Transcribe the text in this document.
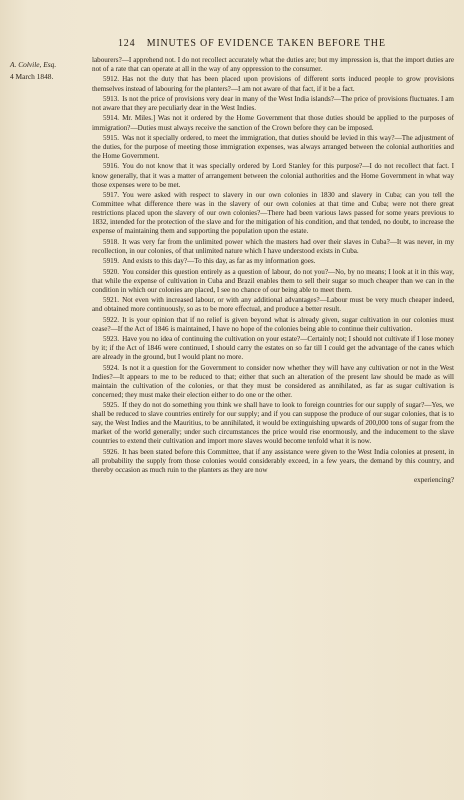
124 MINUTES OF EVIDENCE TAKEN BEFORE THE
A. Colvile, Esq.
4 March 1848.

labourers?—I apprehend not. I do not recollect accurately what the duties are; but my impression is, that the import duties are not of a rate that can operate at all in the way of any oppression to the consumer.

5912. Has not the duty that has been placed upon provisions of different sorts induced people to grow provisions themselves instead of labouring for the planters?—I am not aware of that fact, if it be a fact.

5913. Is not the price of provisions very dear in many of the West India islands?—The price of provisions fluctuates. I am not aware that they are peculiarly dear in the West Indies.

5914. Mr. Miles.] Was not it ordered by the Home Government that those duties should be applied to the purposes of immigration?—Duties must always receive the sanction of the Crown before they can be imposed.

5915. Was not it specially ordered, to meet the immigration, that duties should be levied in this way?—The adjustment of the duties, for the purpose of meeting those immigration expenses, was always arranged between the colonial authorities and the Home Government.

5916. You do not know that it was specially ordered by Lord Stanley for this purpose?—I do not recollect that fact. I know generally, that it was a matter of arrangement between the colonial authorities and the Home Government in what way those expenses were to be met.

5917. You were asked with respect to slavery in our own colonies in 1830 and slavery in Cuba; can you tell the Committee what difference there was in the slavery of our own colonies at that time and Cuba; were not there great restrictions placed upon the slavery of our own colonies?—There had been various laws passed for some years previous to 1832, intended for the protection of the slave and for the mitigation of his condition, and that tended, no doubt, to increase the expense of maintaining them and supporting the population upon the estate.

5918. It was very far from the unlimited power which the masters had over their slaves in Cuba?—It was never, in my recollection, in our colonies, of that unlimited nature which I have understood exists in Cuba.

5919. And exists to this day?—To this day, as far as my information goes.

5920. You consider this question entirely as a question of labour, do not you?—No, by no means; I look at it in this way, that while the expense of cultivation in Cuba and Brazil enables them to sell their sugar so much cheaper than we can in the condition in which our colonies are placed, I see no chance of our being able to meet them.

5921. Not even with increased labour, or with any additional advantages?—Labour must be very much cheaper indeed, and obtained more continuously, so as to be more effectual, and produce a better result.

5922. It is your opinion that if no relief is given beyond what is already given, sugar cultivation in our colonies must cease?—If the Act of 1846 is maintained, I have no hope of the colonies being able to continue their cultivation.

5923. Have you no idea of continuing the cultivation on your estate?—Certainly not; I should not cultivate if I lose money by it; if the Act of 1846 were continued, I should carry the estates on so far till I could get the advantage of the canes which are already in the ground, but I would plant no more.

5924. Is not it a question for the Government to consider now whether they will have any cultivation or not in the West Indies?—It appears to me to be reduced to that; either that such an alteration of the present law should be made as will maintain the cultivation of the colonies, or that they must be considered as annihilated, as far as sugar cultivation is concerned; they must make their election either to do one or the other.

5925. If they do not do something you think we shall have to look to foreign countries for our supply of sugar?—Yes, we shall be reduced to slave countries entirely for our supply; and if you can suppose the produce of our sugar colonies, that is to say, the West Indies and the Mauritius, to be annihilated, it would be extinguishing upwards of 200,000 tons of sugar from the market of the world generally; under such circumstances the price would rise enormously, and the inducement to the slave countries to extend their cultivation and import more slaves would become tenfold what it is now.

5926. It has been stated before this Committee, that if any assistance were given to the West India colonies at present, in all probability the supply from those colonies would considerably exceed, in a few years, the demand by this country, and thereby occasion as much ruin to the planters as they are now

experiencing?
